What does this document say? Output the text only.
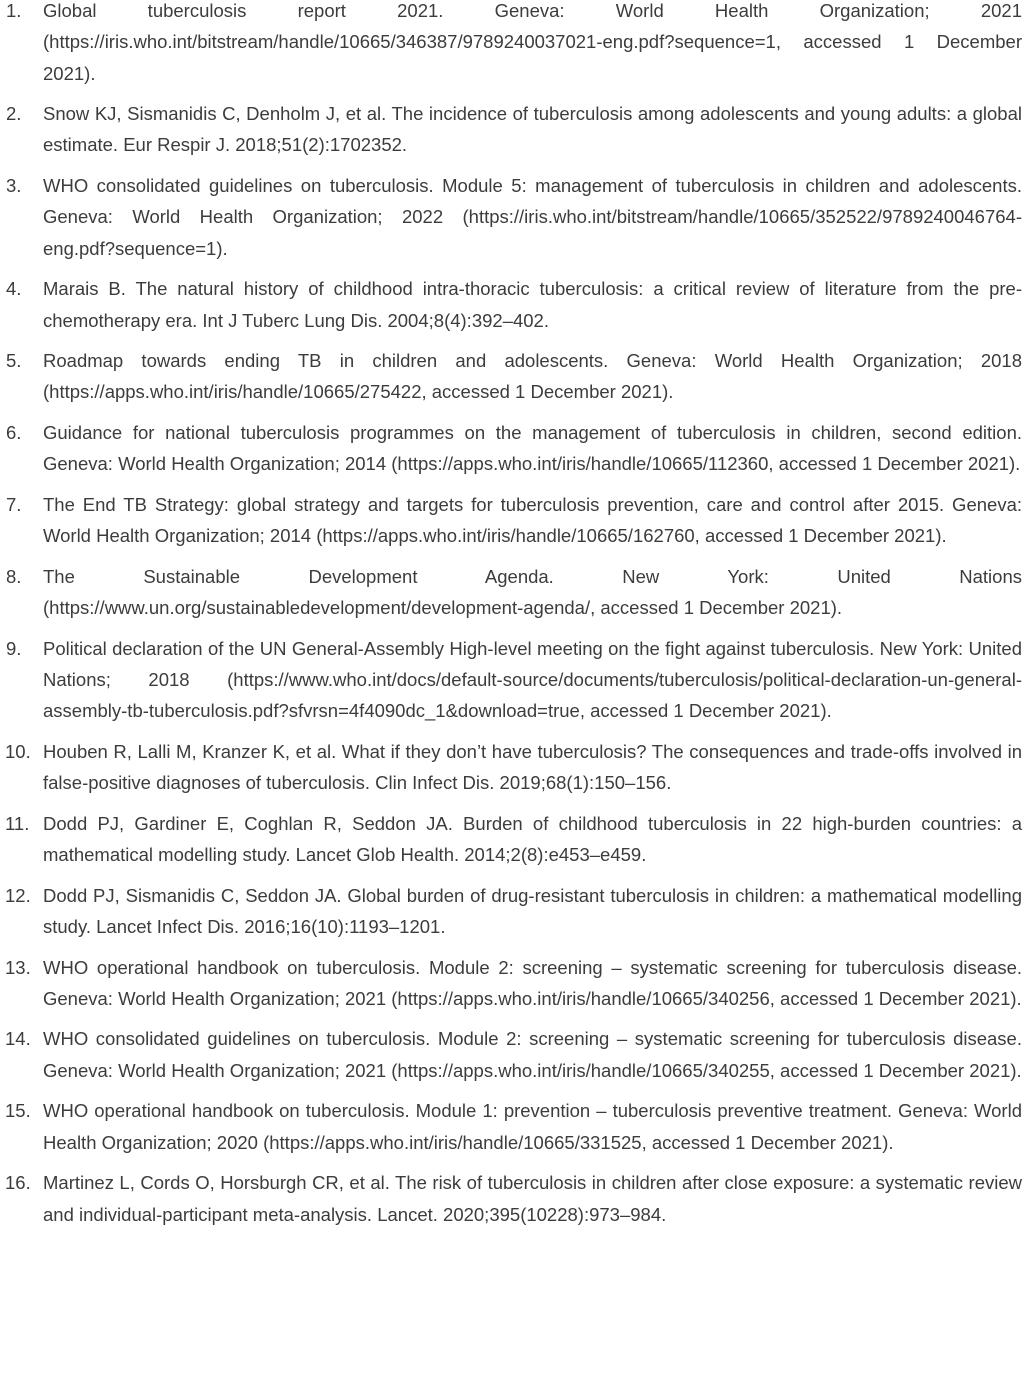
1. Global tuberculosis report 2021. Geneva: World Health Organization; 2021 (https://iris.who.int/bitstream/handle/10665/346387/9789240037021-eng.pdf?sequence=1, accessed 1 December 2021).
2. Snow KJ, Sismanidis C, Denholm J, et al. The incidence of tuberculosis among adolescents and young adults: a global estimate. Eur Respir J. 2018;51(2):1702352.
3. WHO consolidated guidelines on tuberculosis. Module 5: management of tuberculosis in children and adolescents. Geneva: World Health Organization; 2022 (https://iris.who.int/bitstream/handle/10665/352522/9789240046764-eng.pdf?sequence=1).
4. Marais B. The natural history of childhood intra-thoracic tuberculosis: a critical review of literature from the pre-chemotherapy era. Int J Tuberc Lung Dis. 2004;8(4):392–402.
5. Roadmap towards ending TB in children and adolescents. Geneva: World Health Organization; 2018 (https://apps.who.int/iris/handle/10665/275422, accessed 1 December 2021).
6. Guidance for national tuberculosis programmes on the management of tuberculosis in children, second edition. Geneva: World Health Organization; 2014 (https://apps.who.int/iris/handle/10665/112360, accessed 1 December 2021).
7. The End TB Strategy: global strategy and targets for tuberculosis prevention, care and control after 2015. Geneva: World Health Organization; 2014 (https://apps.who.int/iris/handle/10665/162760, accessed 1 December 2021).
8. The Sustainable Development Agenda. New York: United Nations (https://www.un.org/sustainabledevelopment/development-agenda/, accessed 1 December 2021).
9. Political declaration of the UN General-Assembly High-level meeting on the fight against tuberculosis. New York: United Nations; 2018 (https://www.who.int/docs/default-source/documents/tuberculosis/political-declaration-un-general-assembly-tb-tuberculosis.pdf?sfvrsn=4f4090dc_1&download=true, accessed 1 December 2021).
10. Houben R, Lalli M, Kranzer K, et al. What if they don’t have tuberculosis? The consequences and trade-offs involved in false-positive diagnoses of tuberculosis. Clin Infect Dis. 2019;68(1):150–156.
11. Dodd PJ, Gardiner E, Coghlan R, Seddon JA. Burden of childhood tuberculosis in 22 high-burden countries: a mathematical modelling study. Lancet Glob Health. 2014;2(8):e453–e459.
12. Dodd PJ, Sismanidis C, Seddon JA. Global burden of drug-resistant tuberculosis in children: a mathematical modelling study. Lancet Infect Dis. 2016;16(10):1193–1201.
13. WHO operational handbook on tuberculosis. Module 2: screening – systematic screening for tuberculosis disease. Geneva: World Health Organization; 2021 (https://apps.who.int/iris/handle/10665/340256, accessed 1 December 2021).
14. WHO consolidated guidelines on tuberculosis. Module 2: screening – systematic screening for tuberculosis disease. Geneva: World Health Organization; 2021 (https://apps.who.int/iris/handle/10665/340255, accessed 1 December 2021).
15. WHO operational handbook on tuberculosis. Module 1: prevention – tuberculosis preventive treatment. Geneva: World Health Organization; 2020 (https://apps.who.int/iris/handle/10665/331525, accessed 1 December 2021).
16. Martinez L, Cords O, Horsburgh CR, et al. The risk of tuberculosis in children after close exposure: a systematic review and individual-participant meta-analysis. Lancet. 2020;395(10228):973–984.
